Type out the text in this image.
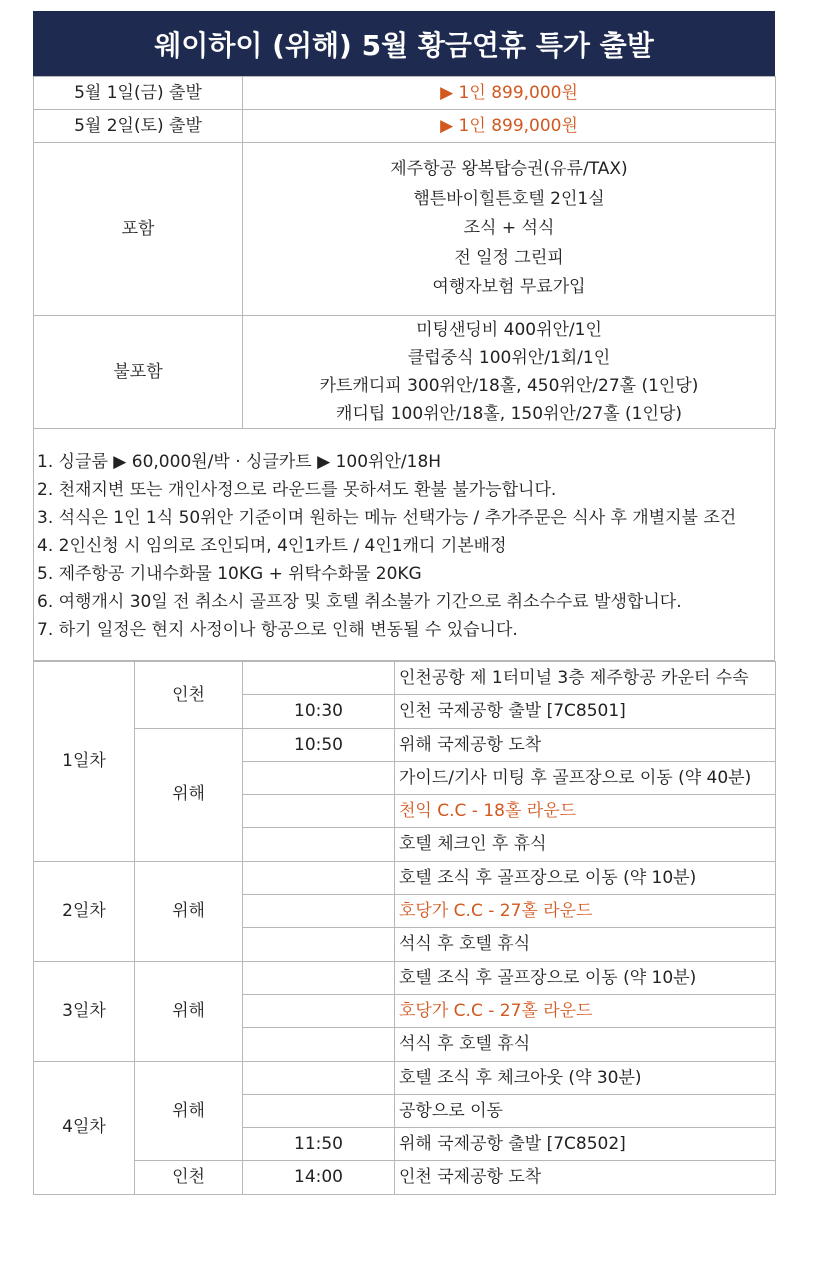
웨이하이 (위해) 5월 황금연휴 특가 출발
5월 1일(금) 출발	▶ 1인 899,000원
5월 2일(토) 출발	▶ 1인 899,000원
포함	제주항공 왕복탑승권(유류/TAX)
햄튼바이힐튼호텔 2인1실
조식 + 석식
전 일정 그린피
여행자보험 무료가입

불포함	미팅샌딩비 400위안/1인
클럽중식 100위안/1회/1인
카트캐디피 300위안/18홀, 450위안/27홀 (1인당)
캐디팁 100위안/18홀, 150위안/27홀 (1인당)
1. 싱글룸 ▶ 60,000원/박 · 싱글카트 ▶ 100위안/18H
2. 천재지변 또는 개인사정으로 라운드를 못하셔도 환불 불가능합니다.
3. 석식은 1인 1식 50위안 기준이며 원하는 메뉴 선택가능 / 추가주문은 식사 후 개별지불 조건
4. 2인신청 시 임의로 조인되며, 4인1카트 / 4인1캐디 기본배정
5. 제주항공 기내수화물 10KG + 위탁수화물 20KG
6. 여행개시 30일 전 취소시 골프장 및 호텔 취소불가 기간으로 취소수수료 발생합니다.
7. 하기 일정은 현지 사정이나 항공으로 인해 변동될 수 있습니다.
1일차	인천		인천공항 제 1터미널 3층 제주항공 카운터 수속
		10:30	인천 국제공항 출발 [7C8501]
	위해	10:50	위해 국제공항 도착
			가이드/기사 미팅 후 골프장으로 이동 (약 40분)
			천익 C.C - 18홀 라운드
			호텔 체크인 후 휴식
2일차	위해		호텔 조식 후 골프장으로 이동 (약 10분)
			호당가 C.C - 27홀 라운드
			석식 후 호텔 휴식
3일차	위해		호텔 조식 후 골프장으로 이동 (약 10분)
			호당가 C.C - 27홀 라운드
			석식 후 호텔 휴식
4일차	위해		호텔 조식 후 체크아웃 (약 30분)
			공항으로 이동
		11:50	위해 국제공항 출발 [7C8502]
	인천	14:00	인천 국제공항 도착
